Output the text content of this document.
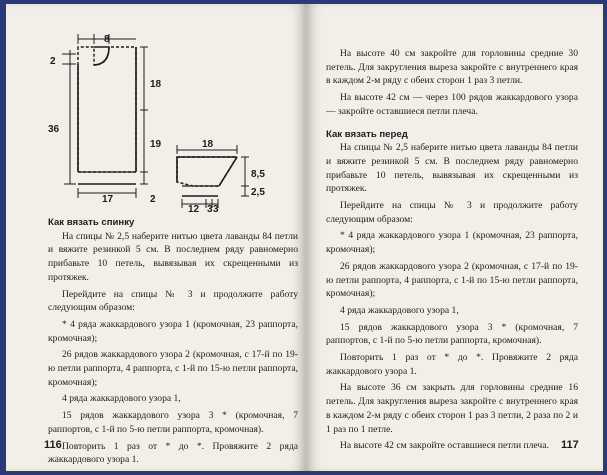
8
2
18
36
19
17	2
18
8,5
2,5
12 3 3

Как вязать спинку

На спицы № 2,5 наберите нитью цвета лаванды 84 петли и вяжите резинкой 5 см. В последнем ряду равномерно прибавьте 10 петель, вывязывая их скрещенными из протяжек.

Перейдите на спицы № 3 и продолжите работу следующим образом:

* 4 ряда жаккардового узора 1 (кромочная, 23 раппорта, кромочная);

26 рядов жаккардового узора 2 (кромочная, с 17-й по 19-ю петли раппорта, 4 раппорта, с 1-й по 15-ю петли раппорта, кромочная);

4 ряда жаккардового узора 1,

15 рядов жаккардового узора 3 * (кромочная, 7 раппортов, с 1-й по 5-ю петли раппорта, кромочная).

Повторить 1 раз от * до *. Провяжите 2 ряда жаккардового узора 1.

116

На высоте 40 см закройте для горловины средние 30 петель. Для закругления выреза закройте с внутреннего края в каждом 2-м ряду с обеих сторон 1 раз 3 петли.

На высоте 42 см — через 100 рядов жаккардового узора — закройте оставшиеся петли плеча.

Как вязать перед

На спицы № 2,5 наберите нитью цвета лаванды 84 петли и вяжите резинкой 5 см. В последнем ряду равномерно прибавьте 10 петель, вывязывая их скрещенными из протяжек.

Перейдите на спицы № 3 и продолжите работу следующим образом:

* 4 ряда жаккардового узора 1 (кромочная, 23 раппорта, кромочная);

26 рядов жаккардового узора 2 (кромочная, с 17-й по 19-ю петли раппорта, 4 раппорта, с 1-й по 15-ю петли раппорта, кромочная);

4 ряда жаккардового узора 1,

15 рядов жаккардового узора 3 * (кромочная, 7 раппортов, с 1-й по 5-ю петли раппорта, кромочная).

Повторить 1 раз от * до *. Провяжите 2 ряда жаккардового узора 1.

На высоте 36 см закрыть для горловины средние 16 петель. Для закругления выреза закройте с внутреннего края в каждом 2-м ряду с обеих сторон 1 раз 3 петли, 2 раза по 2 и 1 раз по 1 петле.

На высоте 42 см закройте оставшиеся петли плеча.	117
